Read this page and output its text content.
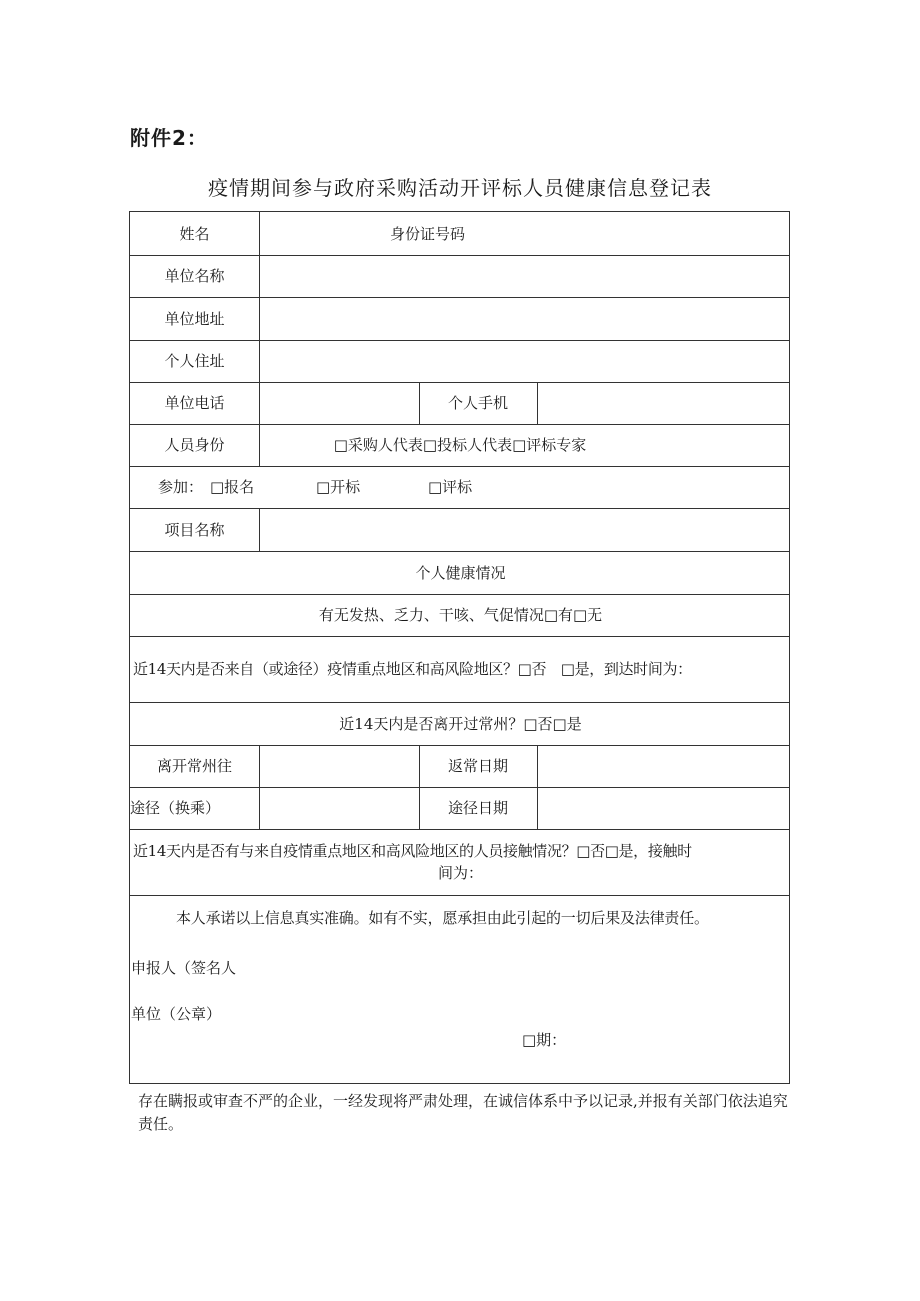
附件2：
疫情期间参与政府采购活动开评标人员健康信息登记表
姓名	身份证号码
单位名称
单位地址
个人住址
单位电话	个人手机
人员身份	□采购人代表□投标人代表□评标专家
参加： □报名	□开标	□评标
项目名称
个人健康情况
有无发热、乏力、干咳、气促情况□有□无
近14天内是否来自（或途径）疫情重点地区和高风险地区？□否　□是，到达时间为：
近14天内是否离开过常州？□否□是
离开常州往	返常日期
途径（换乘）	途径日期
近14天内是否有与来自疫情重点地区和高风险地区的人员接触情况？□否□是，接触时
间为：
本人承诺以上信息真实准确。如有不实，愿承担由此引起的一切后果及法律责任。
申报人（签名人
单位（公章）
□期：
存在瞒报或审查不严的企业，一经发现将严肃处理，在诚信体系中予以记录,并报有关部门依法追究责任。
